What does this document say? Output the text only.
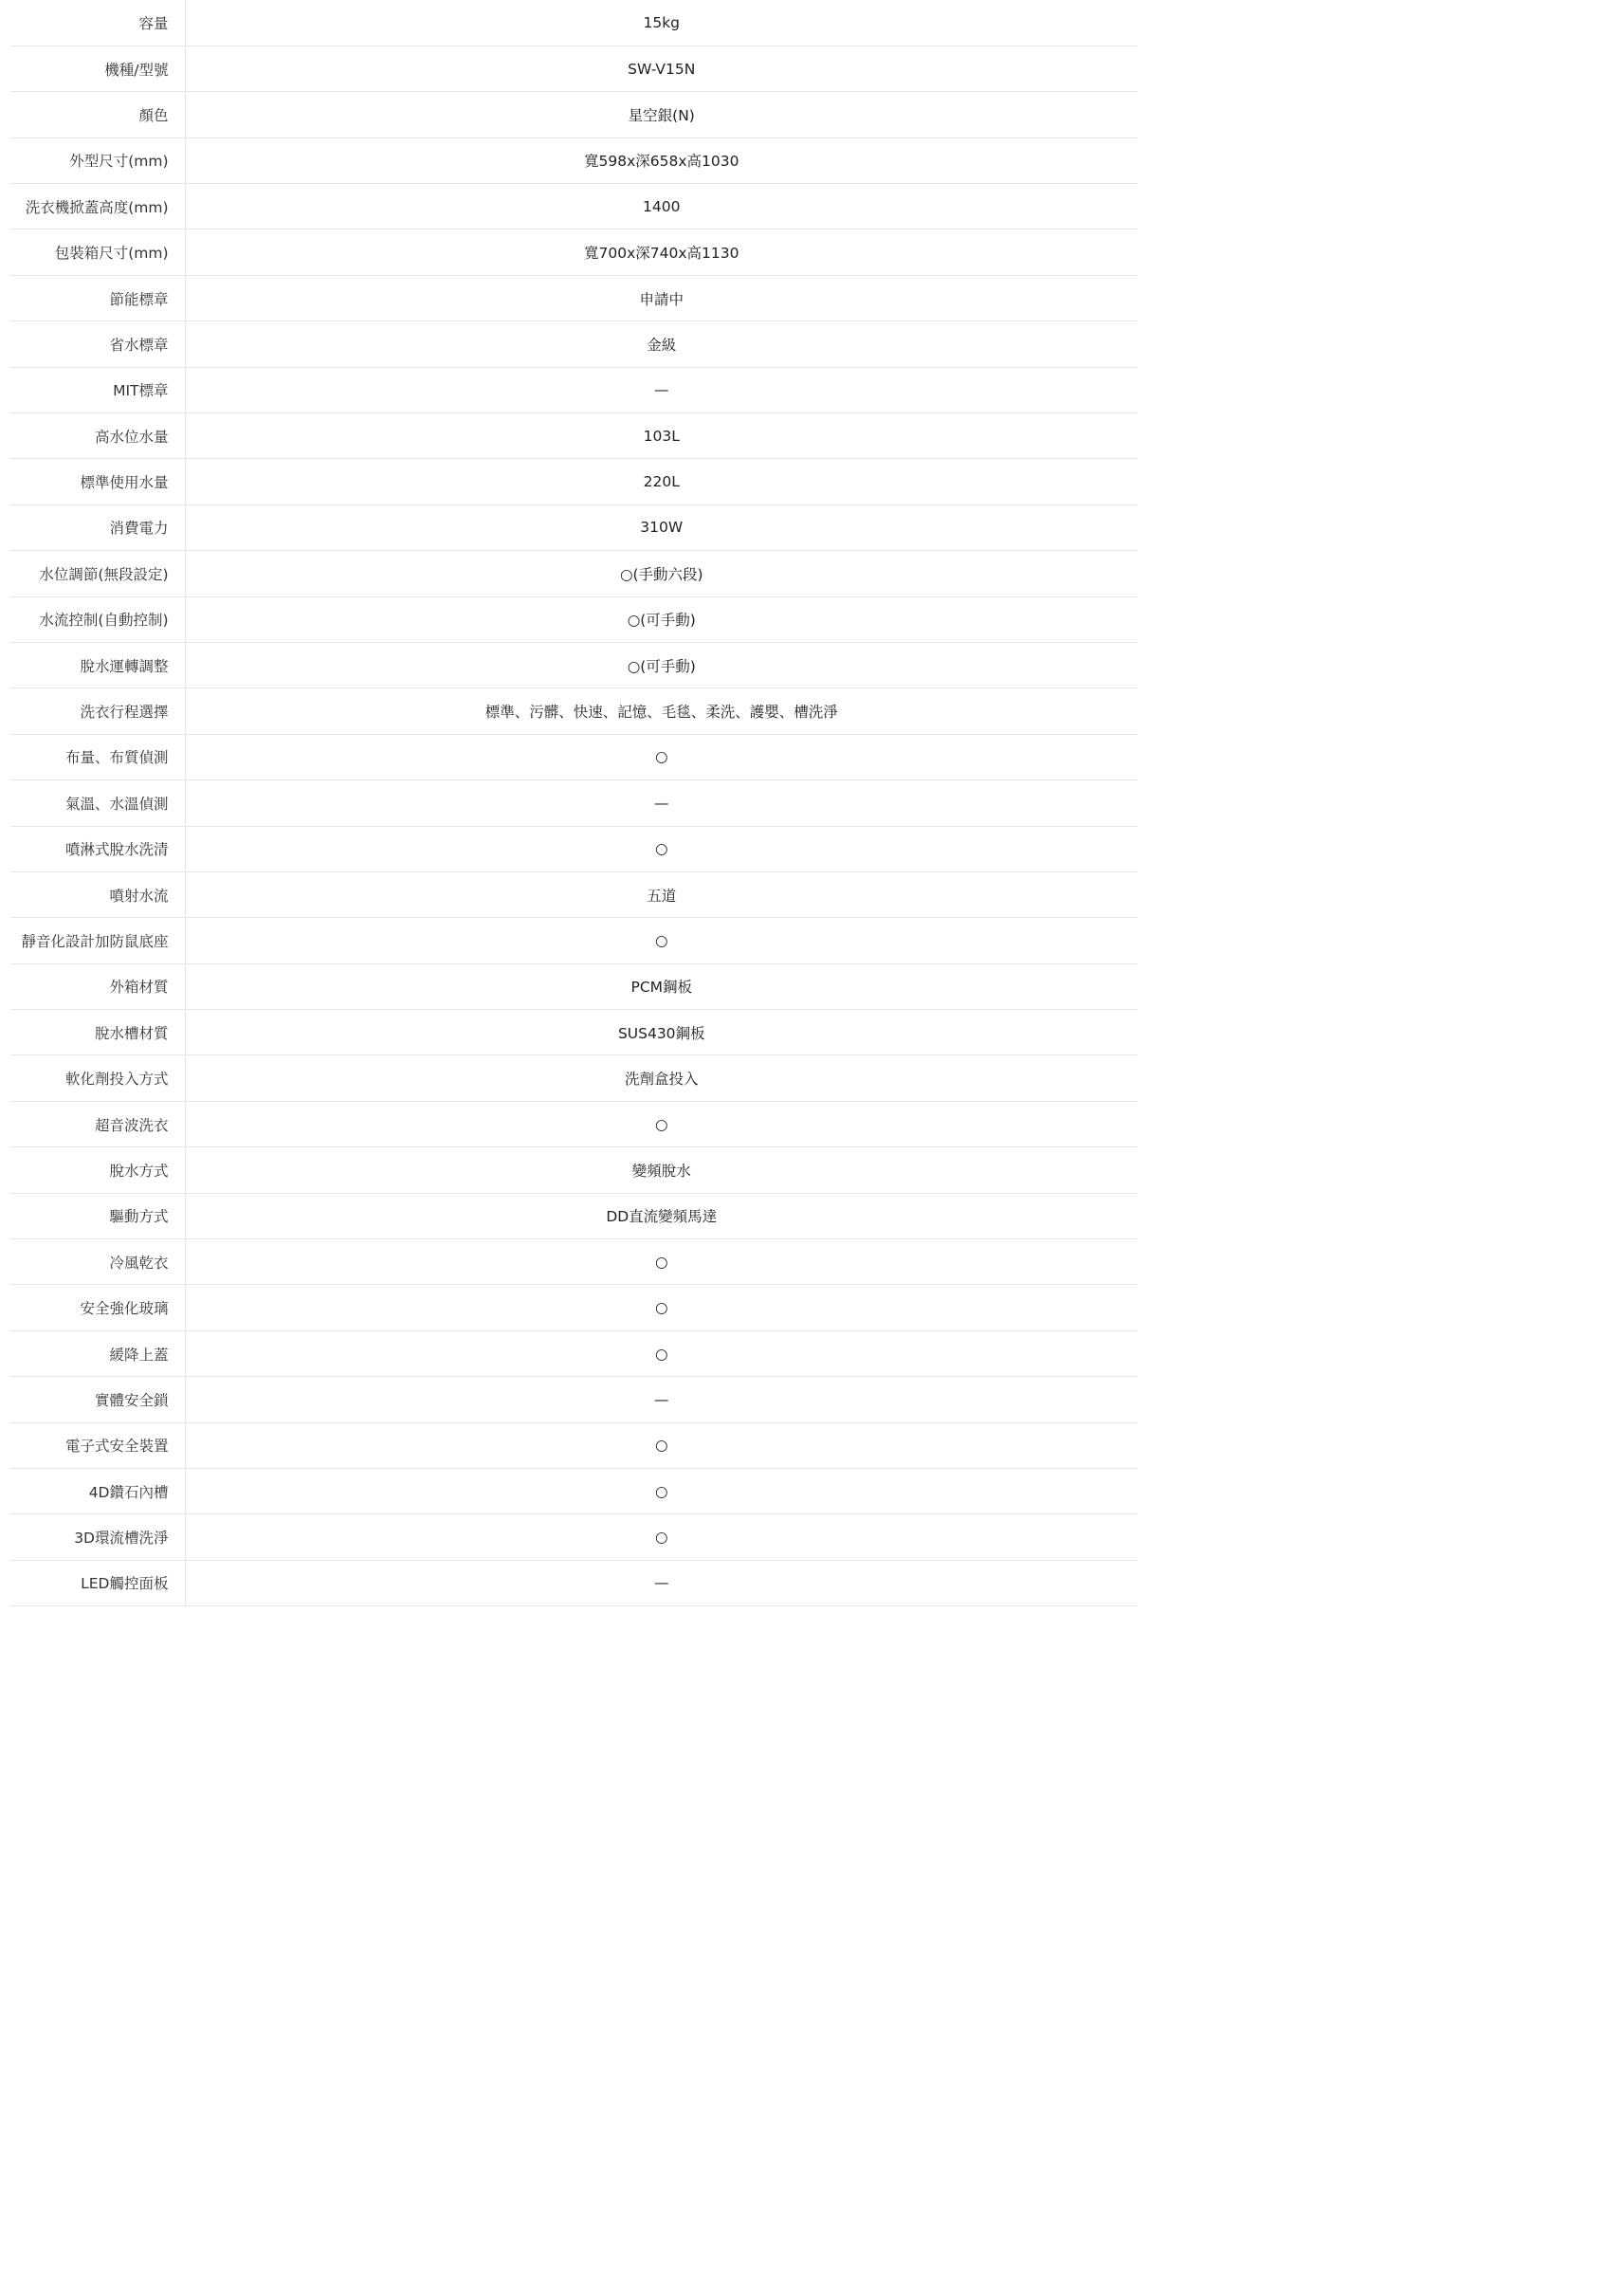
容量	15kg
機種/型號	SW-V15N
顏色	星空銀(N)
外型尺寸(mm)	寬598x深658x高1030
洗衣機掀蓋高度(mm)	1400
包裝箱尺寸(mm)	寬700x深740x高1130
節能標章	申請中
省水標章	金級
MIT標章	—
高水位水量	103L
標準使用水量	220L
消費電力	310W
水位調節(無段設定)	○(手動六段)
水流控制(自動控制)	○(可手動)
脫水運轉調整	○(可手動)
洗衣行程選擇	標準、污髒、快速、記憶、毛毯、柔洗、護嬰、槽洗淨
布量、布質偵測	○
氣溫、水溫偵測	—
噴淋式脫水洗清	○
噴射水流	五道
靜音化設計加防鼠底座	○
外箱材質	PCM鋼板
脫水槽材質	SUS430鋼板
軟化劑投入方式	洗劑盒投入
超音波洗衣	○
脫水方式	變頻脫水
驅動方式	DD直流變頻馬達
冷風乾衣	○
安全強化玻璃	○
緩降上蓋	○
實體安全鎖	—
電子式安全裝置	○
4D鑽石內槽	○
3D環流槽洗淨	○
LED觸控面板	—
